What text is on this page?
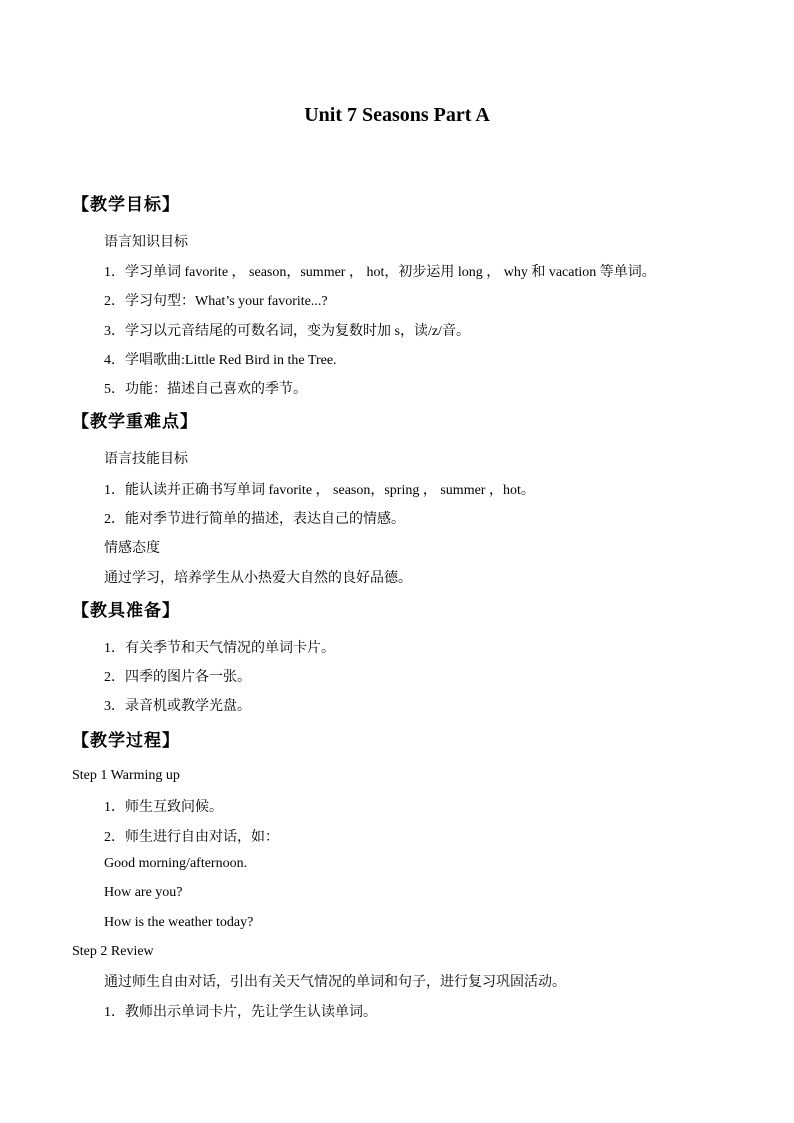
Unit 7 Seasons Part A
【教学目标】
语言知识目标
1．学习单词 favorite ， season，summer ， hot，初步运用 long ， why 和 vacation 等单词。
2．学习句型：What’s your favorite...?
3．学习以元音结尾的可数名词，变为复数时加 s，读/z/音。
4．学唱歌曲:Little Red Bird in the Tree.
5．功能：描述自己喜欢的季节。
【教学重难点】
语言技能目标
1．能认读并正确书写单词 favorite ， season，spring ， summer ，hot。
2．能对季节进行简单的描述，表达自己的情感。
情感态度
通过学习，培养学生从小热爱大自然的良好品德。
【教具准备】
1．有关季节和天气情况的单词卡片。
2．四季的图片各一张。
3．录音机或教学光盘。
【教学过程】
Step 1 Warming up
1．师生互致问候。
2．师生进行自由对话，如：
Good morning/afternoon.
How are you?
How is the weather today?
Step 2 Review
通过师生自由对话，引出有关天气情况的单词和句子，进行复习巩固活动。
1．教师出示单词卡片，先让学生认读单词。
